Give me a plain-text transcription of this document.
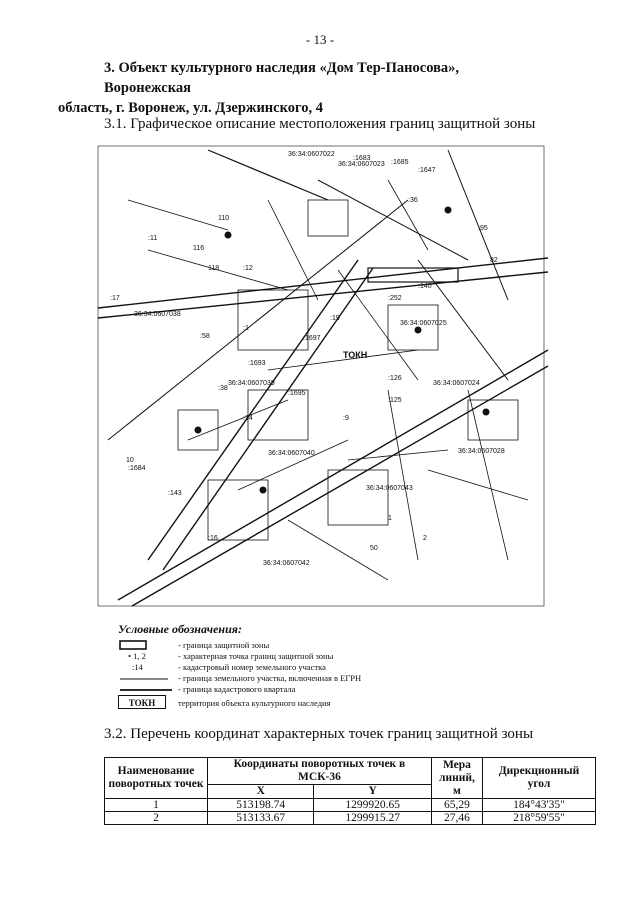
- 13 -
3. Объект культурного наследия «Дом Тер-Паносова», Воронежская
область, г. Воронеж, ул. Дзержинского, 4
3.1. Графическое описание местоположения границ защитной зоны
36:34:0607023
36:34:0607039
36:34:0607038
36:34:0607024
36:34:0607028
36:34:0607043
36:34:0607042
36:34:0607040
36:34:0607025
36:34:0607022
ТОКН
:1684
:1693
:1695
:1697
:1685
:1683
:17
:14
:95
:19
:126
:125
:140
:16
:143
:36
:38
:58
:1647
:252
:1
:12
:9
:11
1
2
50
82
110
116
118
10
Условные обозначения:
- граница защитной зоны
• 1, 2	- характерная точка границ защитной зоны
:14	- кадастровый номер земельного участка
- граница земельного участка, включенная в ЕГРН
- граница кадастрового квартала
ТОКН	территория объекта культурного наследия
3.2. Перечень координат характерных точек границ защитной зоны
Наименование поворотных точек	Координаты поворотных точек в МСК-36		Мера линий, м	Дирекционный угол
	X	Y		
1	513198.74	1299920.65	65,29	184°43'35"
2	513133.67	1299915.27	27,46	218°59'55"
